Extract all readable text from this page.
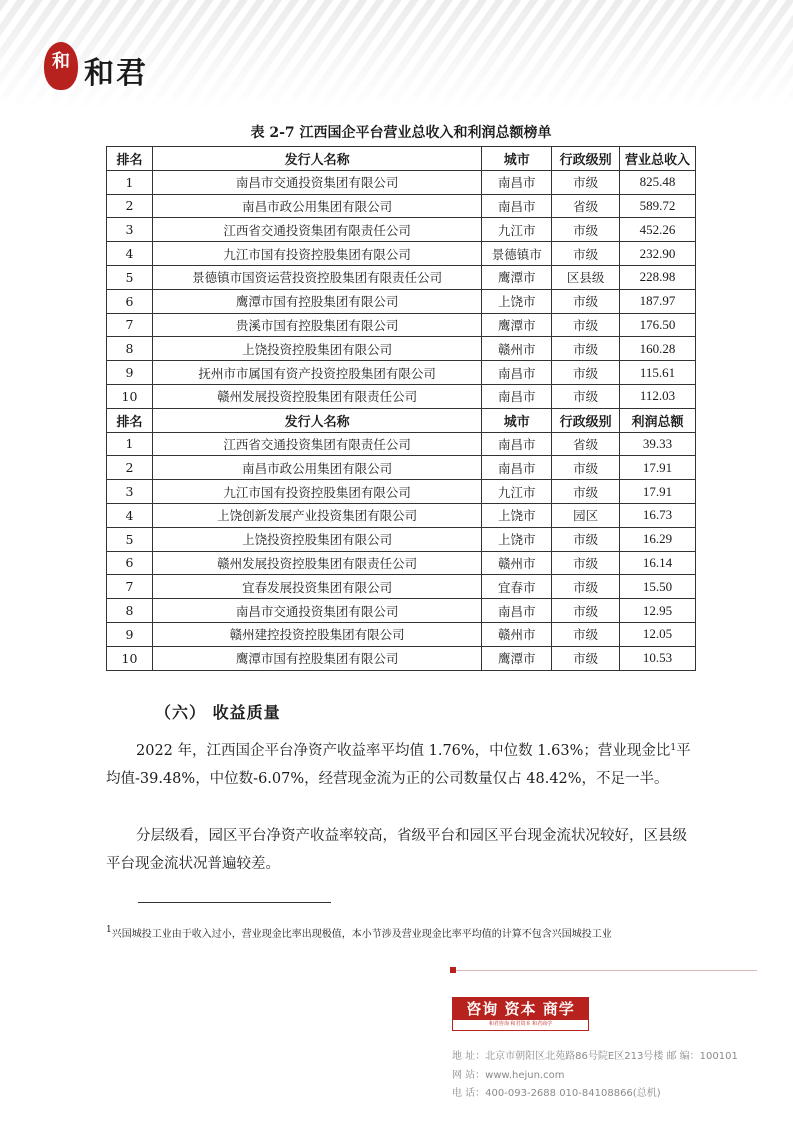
和 和君
表 2-7 江西国企平台营业总收入和利润总额榜单
排名	发行人名称	城市	行政级别	营业总收入
1	南昌市交通投资集团有限公司	南昌市	市级	825.48
2	南昌市政公用集团有限公司	南昌市	省级	589.72
3	江西省交通投资集团有限责任公司	九江市	市级	452.26
4	九江市国有投资控股集团有限公司	景德镇市	市级	232.90
5	景德镇市国资运营投资控股集团有限责任公司	鹰潭市	区县级	228.98
6	鹰潭市国有控股集团有限公司	上饶市	市级	187.97
7	贵溪市国有控股集团有限公司	鹰潭市	市级	176.50
8	上饶投资控股集团有限公司	赣州市	市级	160.28
9	抚州市市属国有资产投资控股集团有限公司	南昌市	市级	115.61
10	赣州发展投资控股集团有限责任公司	南昌市	市级	112.03
排名	发行人名称	城市	行政级别	利润总额
1	江西省交通投资集团有限责任公司	南昌市	省级	39.33
2	南昌市政公用集团有限公司	南昌市	市级	17.91
3	九江市国有投资控股集团有限公司	九江市	市级	17.91
4	上饶创新发展产业投资集团有限公司	上饶市	园区	16.73
5	上饶投资控股集团有限公司	上饶市	市级	16.29
6	赣州发展投资控股集团有限责任公司	赣州市	市级	16.14
7	宜春发展投资集团有限公司	宜春市	市级	15.50
8	南昌市交通投资集团有限公司	南昌市	市级	12.95
9	赣州建控投资控股集团有限公司	赣州市	市级	12.05
10	鹰潭市国有控股集团有限公司	鹰潭市	市级	10.53
（六） 收益质量
2022 年，江西国企平台净资产收益率平均值 1.76%，中位数 1.63%；营业现金比$^1$平均值-39.48%，中位数-6.07%，经营现金流为正的公司数量仅占 48.42%，不足一半。
分层级看，园区平台净资产收益率较高，省级平台和园区平台现金流状况较好，区县级平台现金流状况普遍较差。
$^1$兴国城投工业由于收入过小，营业现金比率出现极值，本小节涉及营业现金比率平均值的计算不包含兴国城投工业
咨询 资本 商学
和君咨询 和君资本 和君商学
地 址：北京市朝阳区北苑路86号院E区213号楼 邮 编：100101
网 站：www.hejun.com
电 话：400-093-2688 010-84108866(总机)
